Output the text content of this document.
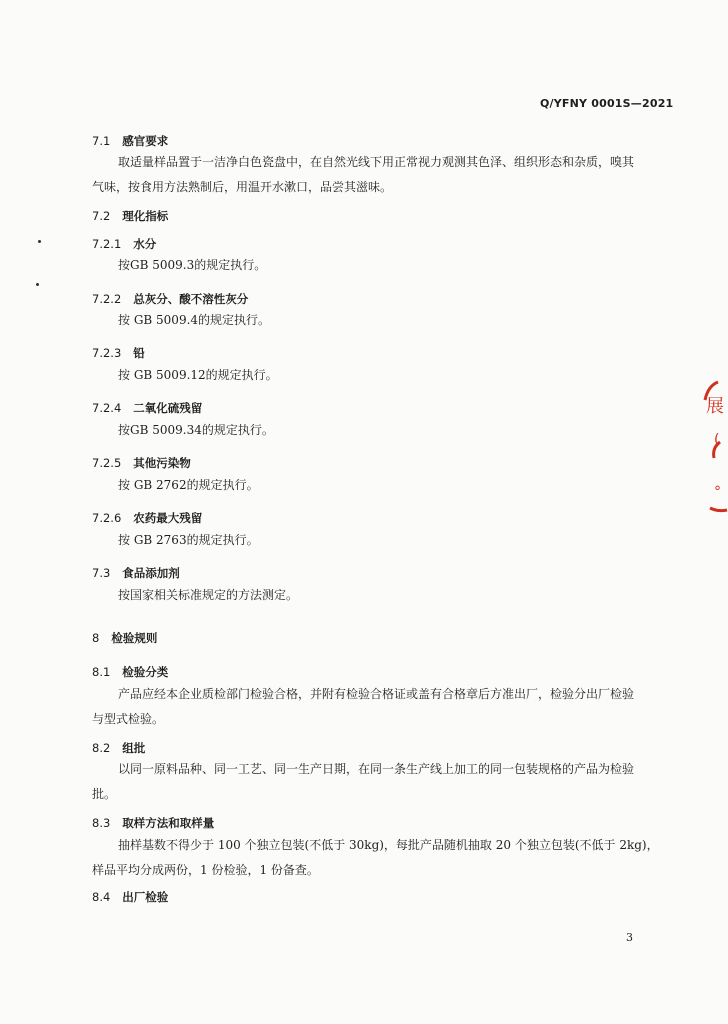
Q/YFNY 0001S—2021
7.1 感官要求
7.2 理化指标
7.2.1 水分
7.2.2 总灰分、酸不溶性灰分
7.2.3 铅
7.2.4 二氧化硫残留
7.2.5 其他污染物
7.2.6 农药最大残留
7.3 食品添加剂
8 检验规则
8.1 检验分类
8.2 组批
8.3 取样方法和取样量
8.4 出厂检验
取适量样品置于一洁净白色瓷盘中，在自然光线下用正常视力观测其色泽、组织形态和杂质，嗅其
气味，按食用方法熟制后，用温开水漱口，品尝其滋味。
按GB 5009.3的规定执行。
按 GB 5009.4的规定执行。
按 GB 5009.12的规定执行。
按GB 5009.34的规定执行。
按 GB 2762的规定执行。
按 GB 2763的规定执行。
按国家相关标准规定的方法测定。
产品应经本企业质检部门检验合格，并附有检验合格证或盖有合格章后方准出厂，检验分出厂检验
与型式检验。
以同一原料品种、同一工艺、同一生产日期，在同一条生产线上加工的同一包装规格的产品为检验
批。
抽样基数不得少于 100 个独立包装(不低于 30kg)，每批产品随机抽取 20 个独立包装(不低于 2kg)，
样品平均分成两份，1 份检验，1 份备查。
3
展
(
°
